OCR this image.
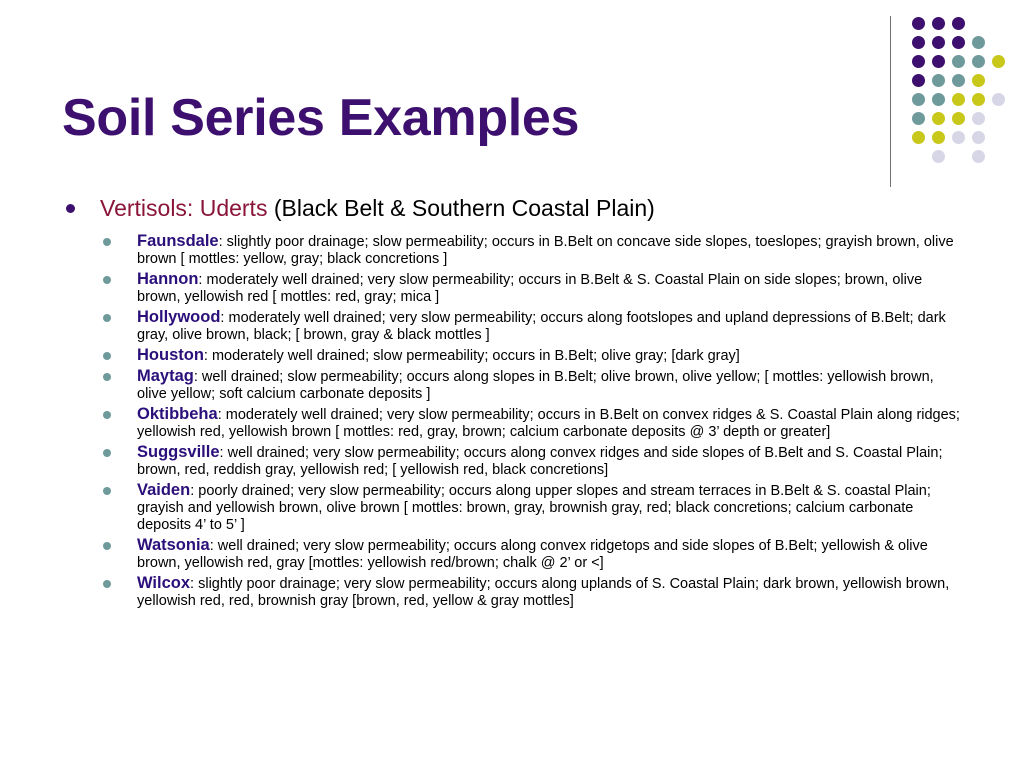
Soil Series Examples
Vertisols: Uderts (Black Belt & Southern Coastal Plain)
Faunsdale: slightly poor drainage; slow permeability; occurs in B.Belt on concave side slopes, toeslopes; grayish brown, olive brown [ mottles: yellow, gray; black concretions ]
Hannon: moderately well drained; very slow permeability; occurs in B.Belt & S. Coastal Plain on side slopes; brown, olive brown, yellowish red [ mottles: red, gray; mica ]
Hollywood: moderately well drained; very slow permeability; occurs along footslopes and upland depressions of B.Belt; dark gray, olive brown, black; [ brown, gray & black mottles ]
Houston: moderately well drained; slow permeability; occurs in B.Belt; olive gray; [dark gray]
Maytag: well drained; slow permeability; occurs along slopes in B.Belt; olive brown, olive yellow; [ mottles: yellowish brown, olive yellow; soft calcium carbonate deposits ]
Oktibbeha: moderately well drained; very slow permeability; occurs in B.Belt on convex ridges & S. Coastal Plain along ridges; yellowish red, yellowish brown [ mottles: red, gray, brown; calcium carbonate deposits @ 3’ depth or greater]
Suggsville: well drained; very slow permeability; occurs along convex ridges and side slopes of B.Belt and S. Coastal Plain; brown, red, reddish gray, yellowish red; [ yellowish red, black concretions]
Vaiden: poorly drained; very slow permeability; occurs along upper slopes and stream terraces in B.Belt & S. coastal Plain; grayish and yellowish brown, olive brown [ mottles: brown, gray, brownish gray, red; black concretions; calcium carbonate deposits 4’ to 5’ ]
Watsonia: well drained; very slow permeability; occurs along convex ridgetops and side slopes of B.Belt; yellowish & olive brown, yellowish red, gray [mottles: yellowish red/brown; chalk @ 2’ or <]
Wilcox: slightly poor drainage; very slow permeability; occurs along uplands of S. Coastal Plain; dark brown, yellowish brown, yellowish red, red, brownish gray [brown, red, yellow & gray mottles]
